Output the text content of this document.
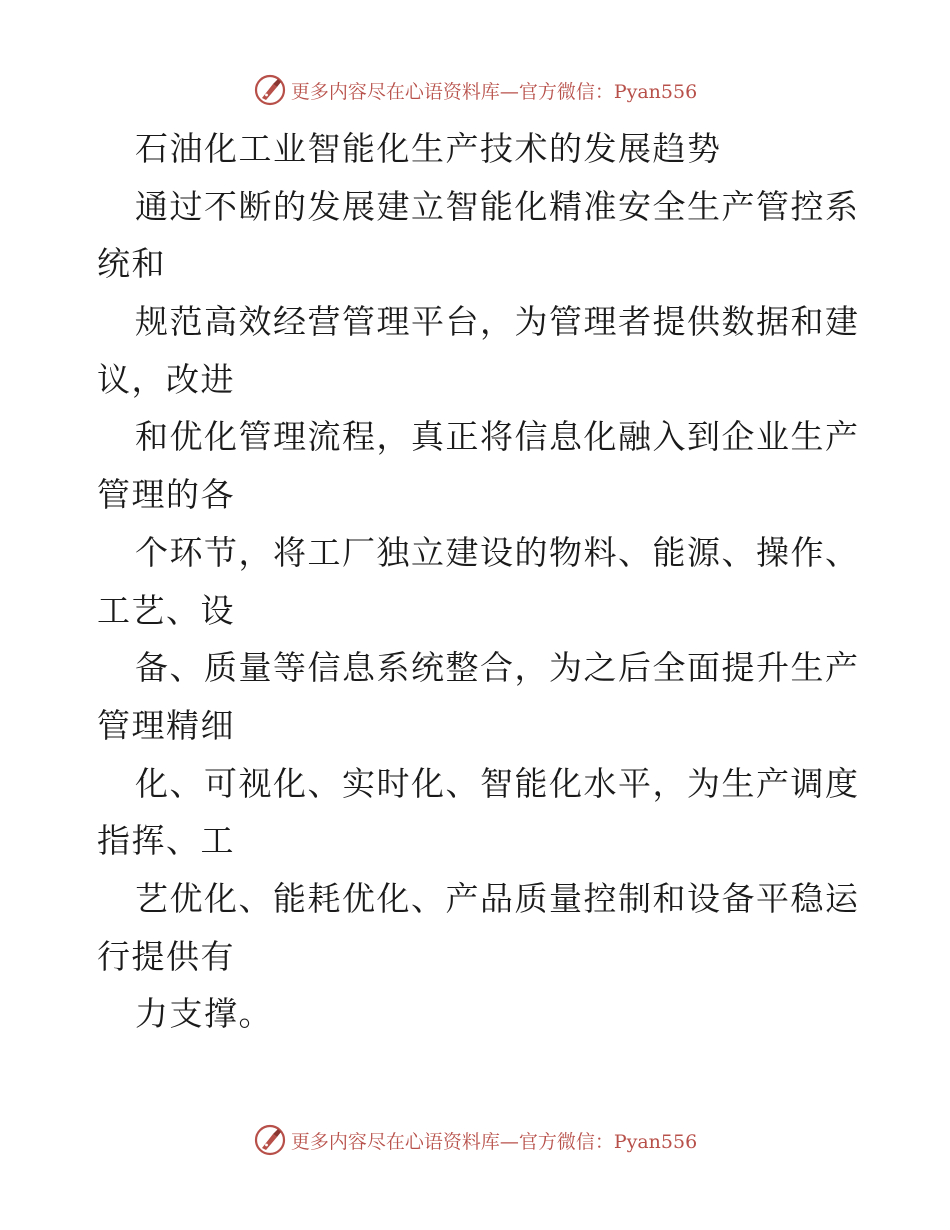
更多内容尽在心语资料库—官方微信：Pyan556
石油化工业智能化生产技术的发展趋势
通过不断的发展建立智能化精准安全生产管控系
统和
规范高效经营管理平台，为管理者提供数据和建
议，改进
和优化管理流程，真正将信息化融入到企业生产
管理的各
个环节，将工厂独立建设的物料、能源、操作、
工艺、设
备、质量等信息系统整合，为之后全面提升生产
管理精细
化、可视化、实时化、智能化水平，为生产调度
指挥、工
艺优化、能耗优化、产品质量控制和设备平稳运
行提供有
力支撑。
更多内容尽在心语资料库—官方微信：Pyan556
